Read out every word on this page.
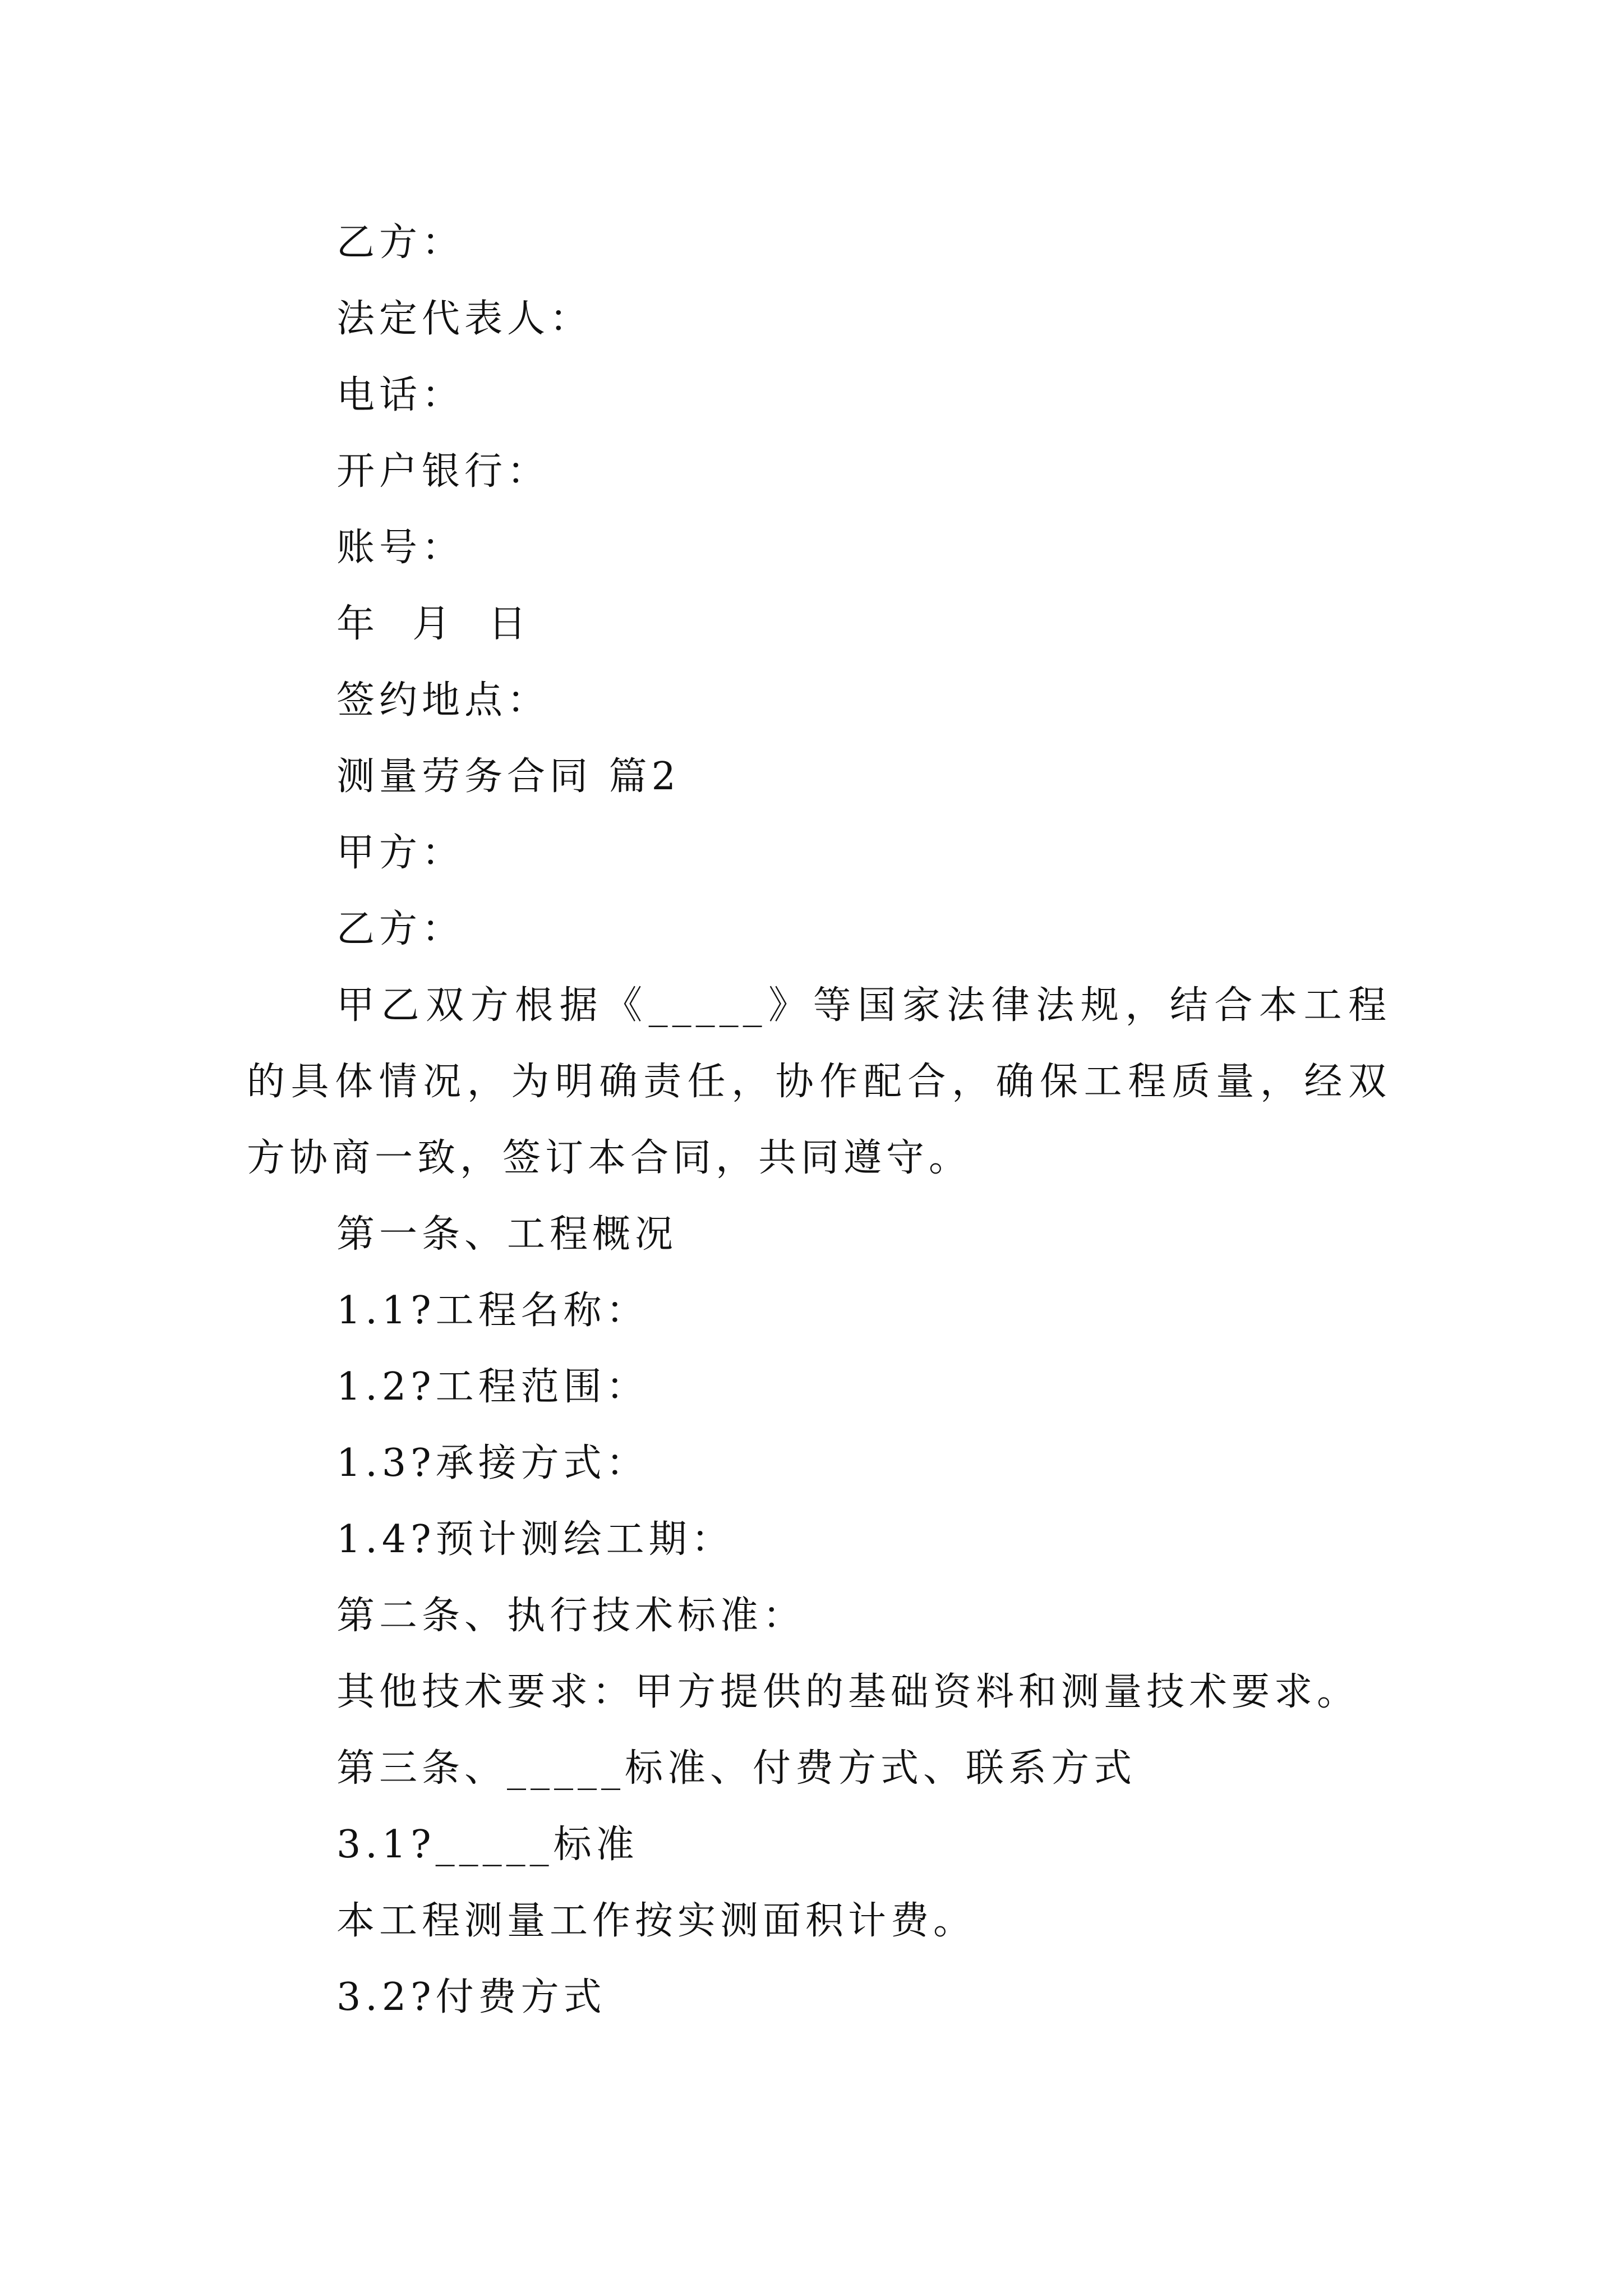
乙方：
法定代表人：
电话：
开户银行：
账号：
年  月  日
签约地点：
测量劳务合同 篇2
甲方：
乙方：
甲乙双方根据《_____》等国家法律法规，结合本工程的具体情况，为明确责任，协作配合，确保工程质量，经双方协商一致，签订本合同，共同遵守。
第一条、工程概况
1.1?工程名称：
1.2?工程范围：
1.3?承接方式：
1.4?预计测绘工期：
第二条、执行技术标准：
其他技术要求：甲方提供的基础资料和测量技术要求。
第三条、_____标准、付费方式、联系方式
3.1?_____标准
本工程测量工作按实测面积计费。
3.2?付费方式
